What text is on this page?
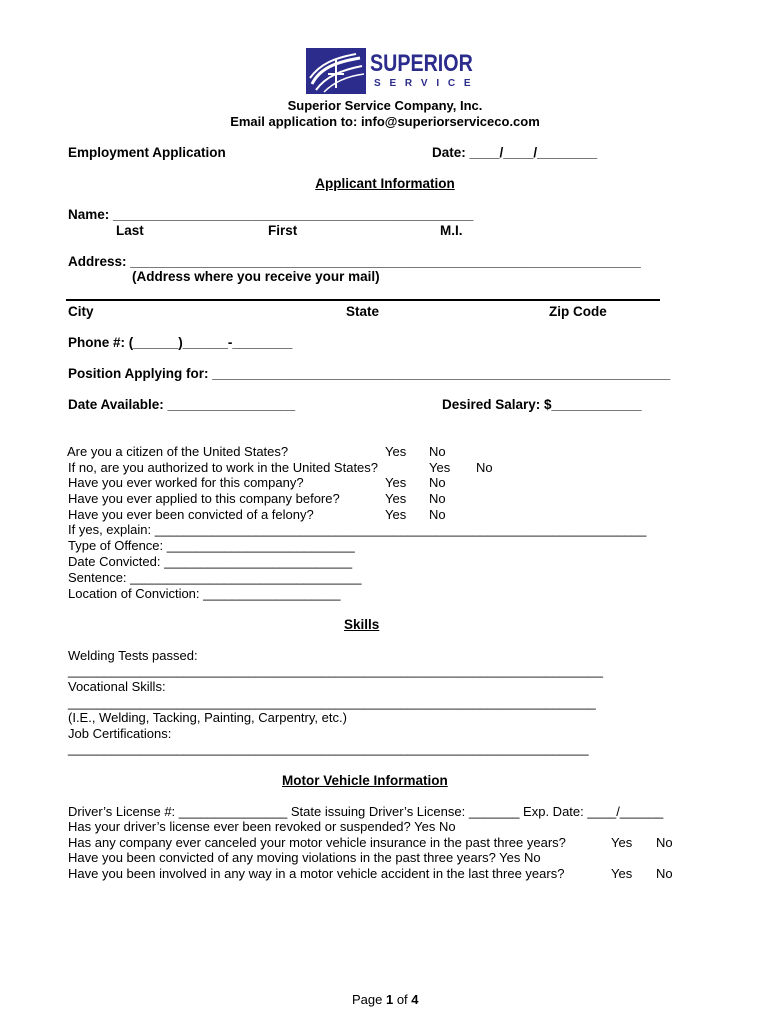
SUPERIOR
S E R V I C E
Superior Service Company, Inc.
Email application to: info@superiorserviceco.com
Employment Application	Date: ____/____/________
Applicant Information
Name: ________________________________________________
Last	First	M.I.
Address: ____________________________________________________________________
(Address where you receive your mail)
City	State	Zip Code
Phone #: (______)______-________
Position Applying for: _____________________________________________________________
Date Available: _________________	Desired Salary: $____________
Are you a citizen of the United States?	Yes No
If no, are you authorized to work in the United States?	Yes No
Have you ever worked for this company?	Yes No
Have you ever applied to this company before?	Yes No
Have you ever been convicted of a felony?	Yes No
If yes, explain: ____________________________________________________________________
Type of Offence: __________________________
Date Convicted: __________________________
Sentence: ________________________________
Location of Conviction: ___________________
Skills
Welding Tests passed:
__________________________________________________________________________
Vocational Skills:
_________________________________________________________________________
(I.E., Welding, Tacking, Painting, Carpentry, etc.)
Job Certifications:
________________________________________________________________________
Motor Vehicle Information
Driver’s License #: _______________ State issuing Driver’s License: _______ Exp. Date: ____/______
Has your driver’s license ever been revoked or suspended? Yes No
Has any company ever canceled your motor vehicle insurance in the past three years?	Yes No
Have you been convicted of any moving violations in the past three years? Yes No
Have you been involved in any way in a motor vehicle accident in the last three years?	Yes No
Page 1 of 4
